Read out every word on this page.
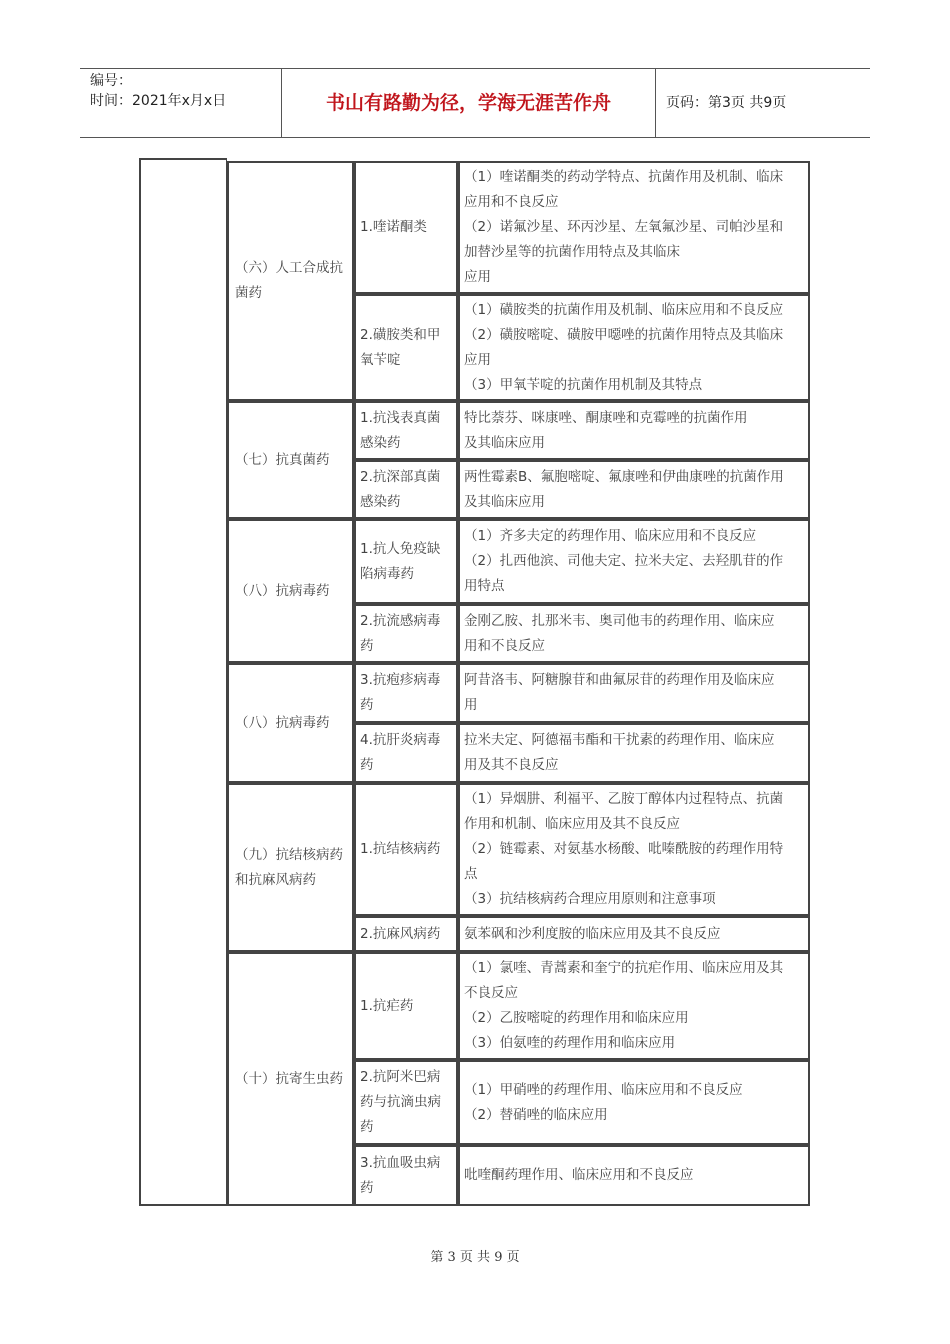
编号：
时间：2021年x月x日	书山有路勤为径，学海无涯苦作舟	页码：第3页 共9页
（六）人工合成抗菌药
1.喹诺酮类
（1）喹诺酮类的药动学特点、抗菌作用及机制、临床
应用和不良反应
（2）诺氟沙星、环丙沙星、左氧氟沙星、司帕沙星和
加替沙星等的抗菌作用特点及其临床
应用
2.磺胺类和甲氧苄啶
（1）磺胺类的抗菌作用及机制、临床应用和不良反应
（2）磺胺嘧啶、磺胺甲噁唑的抗菌作用特点及其临床
应用
（3）甲氧苄啶的抗菌作用机制及其特点
（七）抗真菌药
1.抗浅表真菌感染药
特比萘芬、咪康唑、酮康唑和克霉唑的抗菌作用
及其临床应用
2.抗深部真菌感染药
两性霉素B、氟胞嘧啶、氟康唑和伊曲康唑的抗菌作用
及其临床应用
（八）抗病毒药
1.抗人免疫缺陷病毒药
（1）齐多夫定的药理作用、临床应用和不良反应
（2）扎西他滨、司他夫定、拉米夫定、去羟肌苷的作
用特点
2.抗流感病毒药
金刚乙胺、扎那米韦、奥司他韦的药理作用、临床应
用和不良反应
（八）抗病毒药
3.抗疱疹病毒药
阿昔洛韦、阿糖腺苷和曲氟尿苷的药理作用及临床应
用
4.抗肝炎病毒药
拉米夫定、阿德福韦酯和干扰素的药理作用、临床应
用及其不良反应
（九）抗结核病药和抗麻风病药
1.抗结核病药
（1）异烟肼、利福平、乙胺丁醇体内过程特点、抗菌
作用和机制、临床应用及其不良反应
（2）链霉素、对氨基水杨酸、吡嗪酰胺的药理作用特
点
（3）抗结核病药合理应用原则和注意事项
2.抗麻风病药 氨苯砜和沙利度胺的临床应用及其不良反应
（十）抗寄生虫药
1.抗疟药
（1）氯喹、青蒿素和奎宁的抗疟作用、临床应用及其
不良反应
（2）乙胺嘧啶的药理作用和临床应用
（3）伯氨喹的药理作用和临床应用
2.抗阿米巴病药与抗滴虫病药
（1）甲硝唑的药理作用、临床应用和不良反应
（2）替硝唑的临床应用
3.抗血吸虫病药
吡喹酮药理作用、临床应用和不良反应
第 3 页 共 9 页
